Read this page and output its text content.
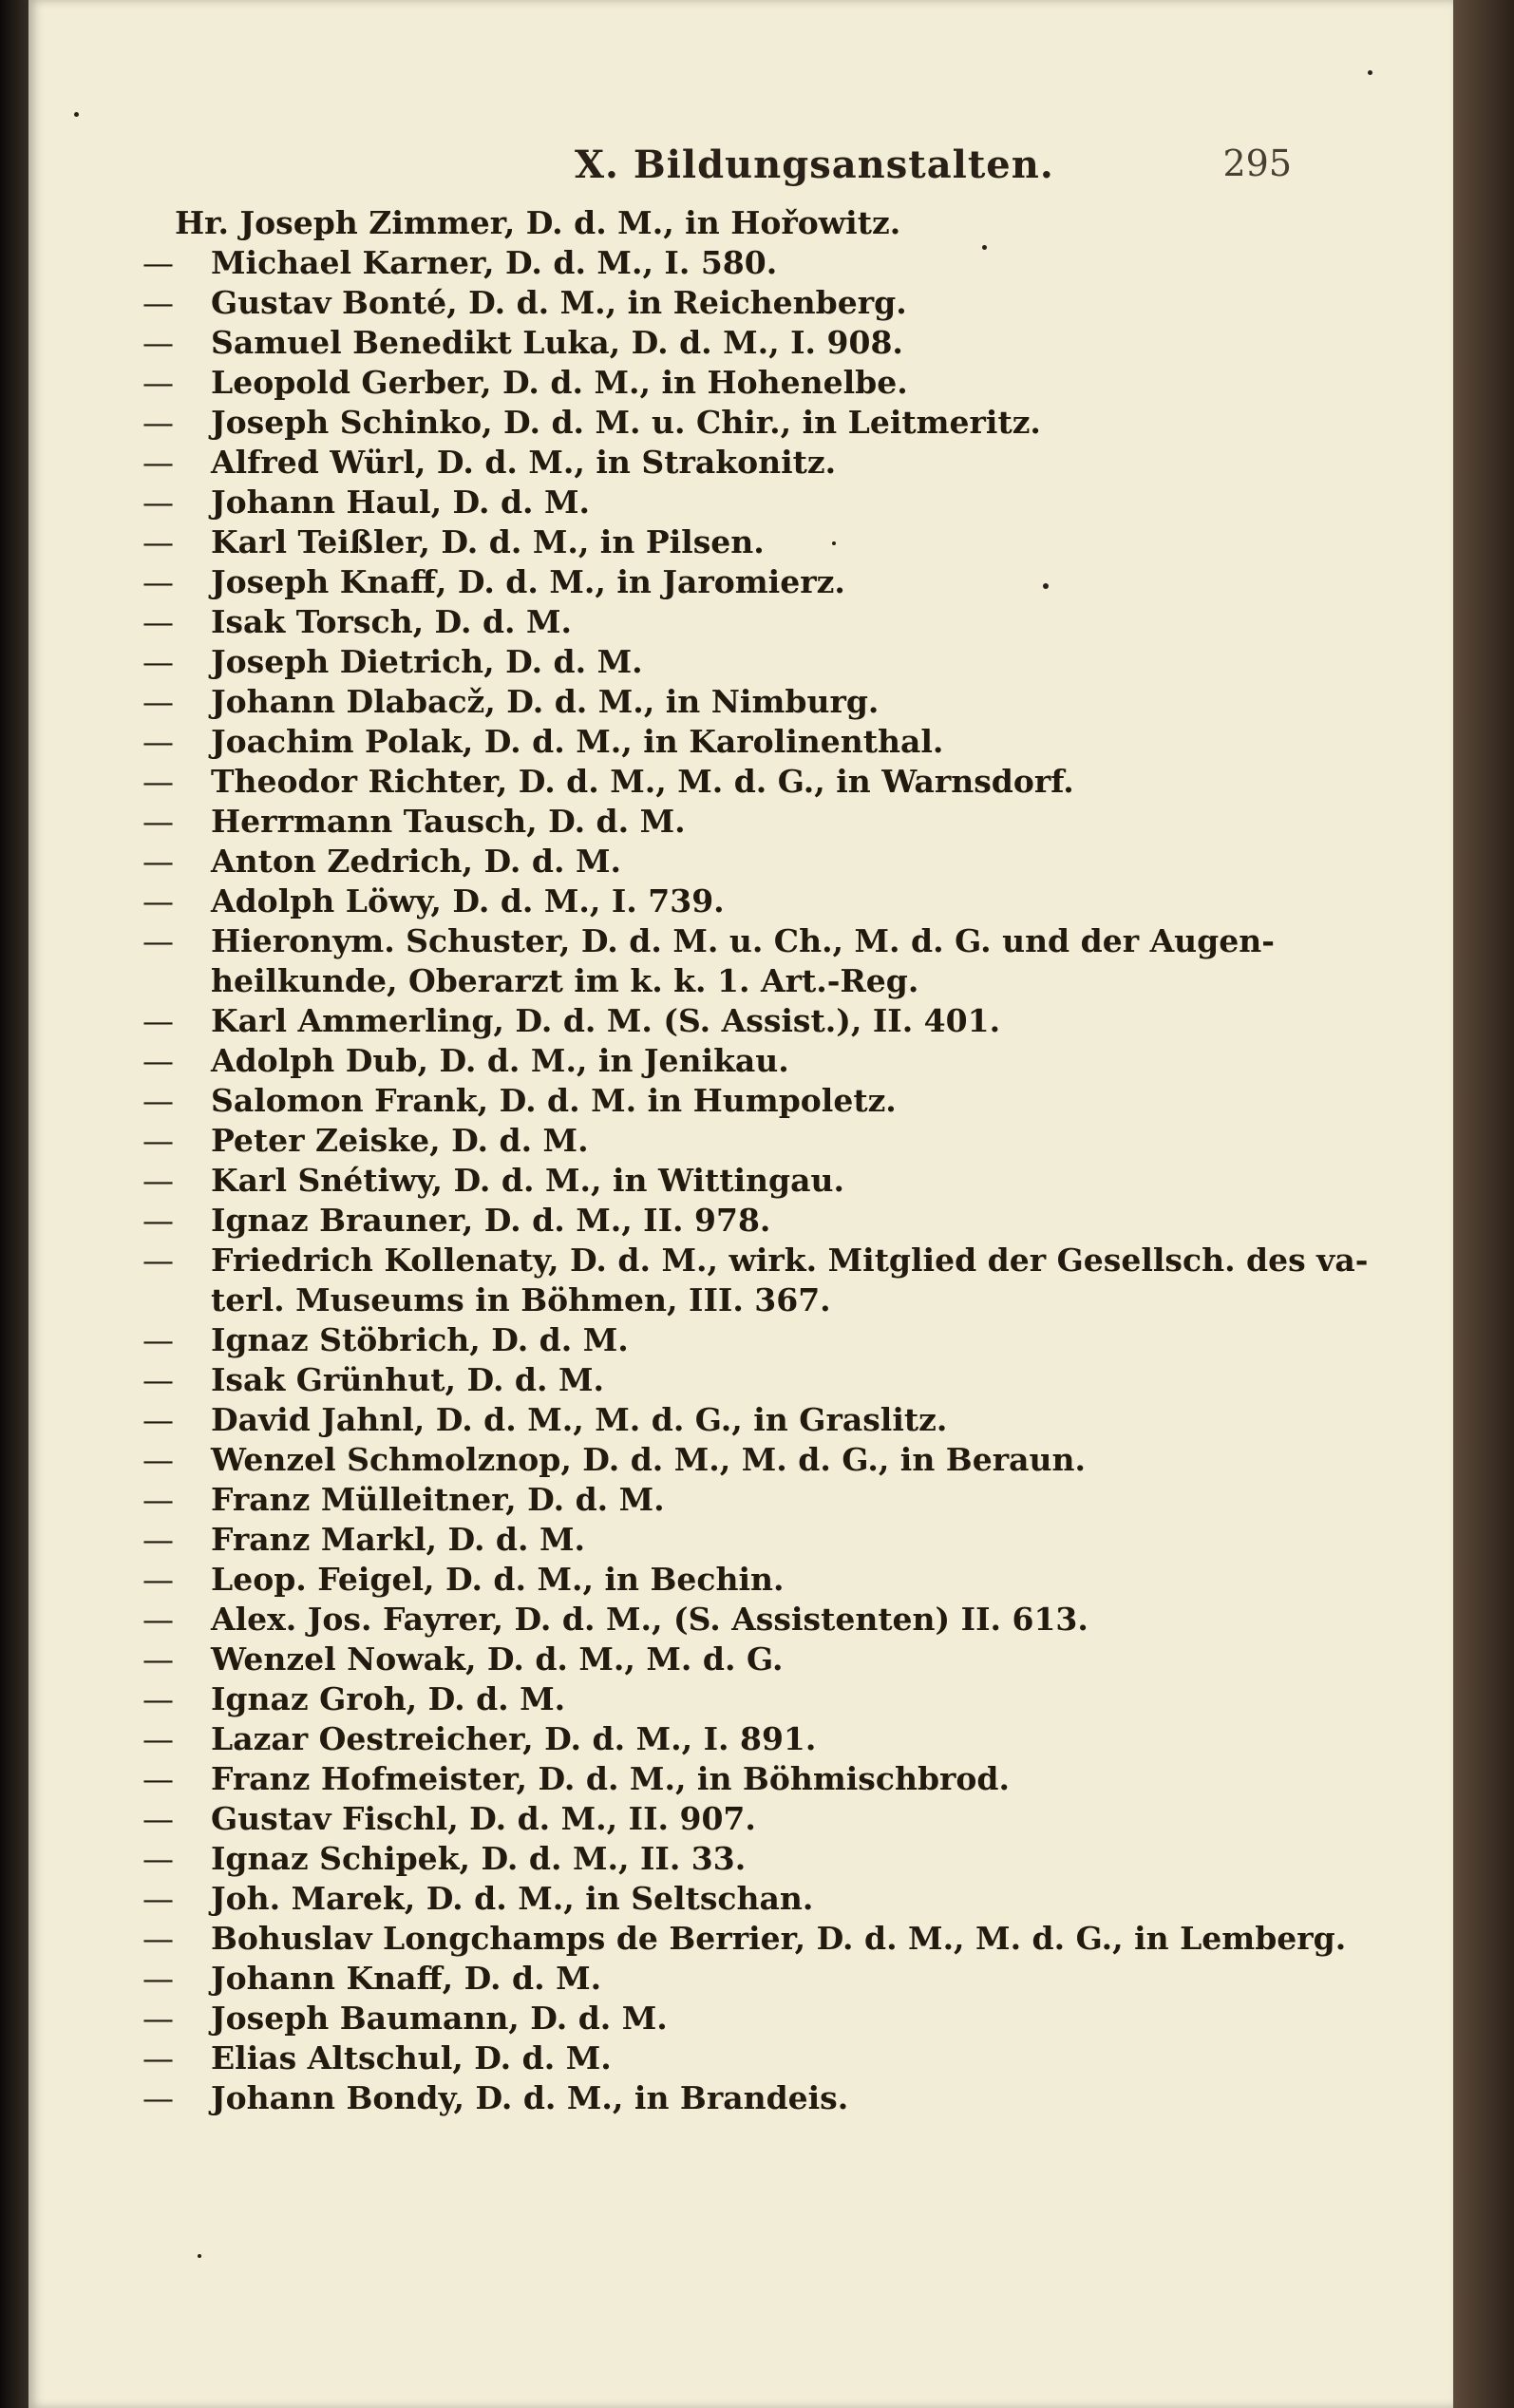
X. Bildungsanstalten.	295
Hr. Joseph Zimmer, D. d. M., in Hořowitz.
—	Michael Karner, D. d. M., I. 580.
—	Gustav Bonté, D. d. M., in Reichenberg.
—	Samuel Benedikt Luka, D. d. M., I. 908.
—	Leopold Gerber, D. d. M., in Hohenelbe.
—	Joseph Schinko, D. d. M. u. Chir., in Leitmeritz.
—	Alfred Würl, D. d. M., in Strakonitz.
—	Johann Haul, D. d. M.
—	Karl Teißler, D. d. M., in Pilsen.
—	Joseph Knaff, D. d. M., in Jaromierz.
—	Isak Torsch, D. d. M.
—	Joseph Dietrich, D. d. M.
—	Johann Dlabacž, D. d. M., in Nimburg.
—	Joachim Polak, D. d. M., in Karolinenthal.
—	Theodor Richter, D. d. M., M. d. G., in Warnsdorf.
—	Herrmann Tausch, D. d. M.
—	Anton Zedrich, D. d. M.
—	Adolph Löwy, D. d. M., I. 739.
—	Hieronym. Schuster, D. d. M. u. Ch., M. d. G. und der Augen-
heilkunde, Oberarzt im k. k. 1. Art.-Reg.
—	Karl Ammerling, D. d. M. (S. Assist.), II. 401.
—	Adolph Dub, D. d. M., in Jenikau.
—	Salomon Frank, D. d. M. in Humpoletz.
—	Peter Zeiske, D. d. M.
—	Karl Snétiwy, D. d. M., in Wittingau.
—	Ignaz Brauner, D. d. M., II. 978.
—	Friedrich Kollenaty, D. d. M., wirk. Mitglied der Gesellsch. des va-
terl. Museums in Böhmen, III. 367.
—	Ignaz Stöbrich, D. d. M.
—	Isak Grünhut, D. d. M.
—	David Jahnl, D. d. M., M. d. G., in Graslitz.
—	Wenzel Schmolznop, D. d. M., M. d. G., in Beraun.
—	Franz Mülleitner, D. d. M.
—	Franz Markl, D. d. M.
—	Leop. Feigel, D. d. M., in Bechin.
—	Alex. Jos. Fayrer, D. d. M., (S. Assistenten) II. 613.
—	Wenzel Nowak, D. d. M., M. d. G.
—	Ignaz Groh, D. d. M.
—	Lazar Oestreicher, D. d. M., I. 891.
—	Franz Hofmeister, D. d. M., in Böhmischbrod.
—	Gustav Fischl, D. d. M., II. 907.
—	Ignaz Schipek, D. d. M., II. 33.
—	Joh. Marek, D. d. M., in Seltschan.
—	Bohuslav Longchamps de Berrier, D. d. M., M. d. G., in Lemberg.
—	Johann Knaff, D. d. M.
—	Joseph Baumann, D. d. M.
—	Elias Altschul, D. d. M.
—	Johann Bondy, D. d. M., in Brandeis.
